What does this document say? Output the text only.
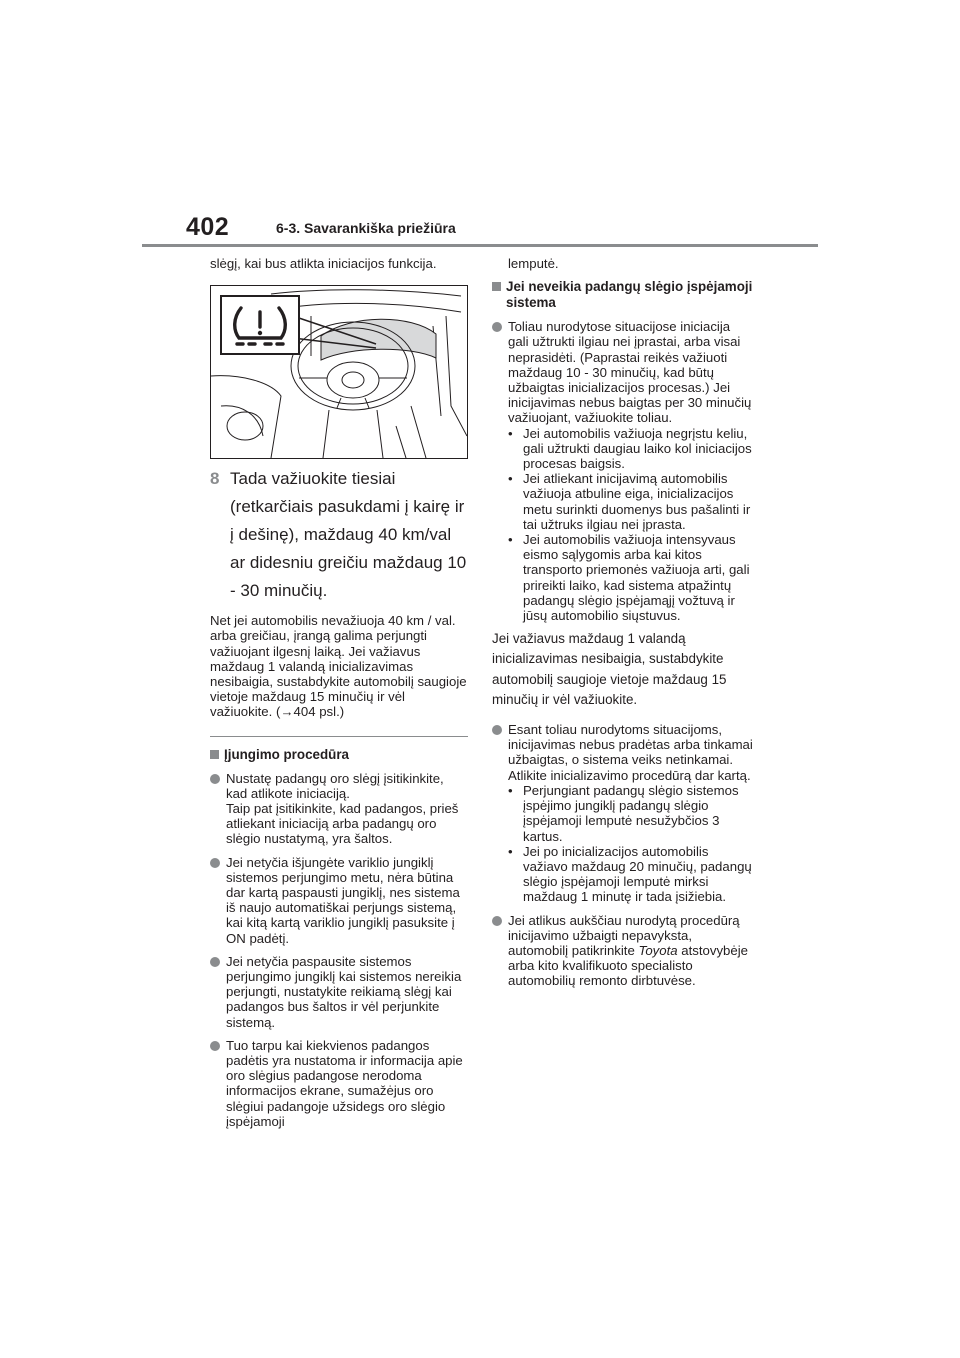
402	6-3. Savarankiška priežiūra

slėgį, kai bus atlikta iniciacijos funkcija.

8 Tada važiuokite tiesiai (retkarčiais pasukdami į kairę ir į dešinę), maždaug 40 km/val ar didesniu greičiu maždaug 10 - 30 minučių.

Net jei automobilis nevažiuoja 40 km / val. arba greičiau, įrangą galima perjungti važiuojant ilgesnį laiką. Jei važiavus maždaug 1 valandą inicializavimas nesibaigia, sustabdykite automobilį saugioje vietoje maždaug 15 minučių ir vėl važiuokite. (→404 psl.)

Įjungimo procedūra
Nustatę padangų oro slėgį įsitikinkite, kad atlikote iniciaciją.
Taip pat įsitikinkite, kad padangos, prieš atliekant iniciaciją arba padangų oro slėgio nustatymą, yra šaltos.
Jei netyčia išjungėte variklio jungiklį sistemos perjungimo metu, nėra būtina dar kartą paspausti jungiklį, nes sistema iš naujo automatiškai perjungs sistemą, kai kitą kartą variklio jungiklį pasuksite į ON padėtį.
Jei netyčia paspausite sistemos perjungimo jungiklį kai sistemos nereikia perjungti, nustatykite reikiamą slėgį kai padangos bus šaltos ir vėl perjunkite sistemą.
Tuo tarpu kai kiekvienos padangos padėtis yra nustatoma ir informacija apie oro slėgius padangose nerodoma informacijos ekrane, sumažėjus oro slėgiui padangoje užsidegs oro slėgio įspėjamoji

lemputė.

Jei neveikia padangų slėgio įspėjamoji sistema

Toliau nurodytose situacijose iniciacija gali užtrukti ilgiau nei įprastai, arba visai neprasidėti. (Paprastai reikės važiuoti maždaug 10 - 30 minučių, kad būtų užbaigtas inicializacijos procesas.) Jei inicijavimas nebus baigtas per 30 minučių važiuojant, važiuokite toliau.

• Jei automobilis važiuoja negrįstu keliu, gali užtrukti daugiau laiko kol iniciacijos procesas baigsis.
• Jei atliekant inicijavimą automobilis važiuoja atbuline eiga, inicializacijos metu surinkti duomenys bus pašalinti ir tai užtruks ilgiau nei įprasta.
• Jei automobilis važiuoja intensyvaus eismo sąlygomis arba kai kitos transporto priemonės važiuoja arti, gali prireikti laiko, kad sistema atpažintų padangų slėgio įspėjamąjį vožtuvą ir jūsų automobilio siųstuvus.

Jei važiavus maždaug 1 valandą inicializavimas nesibaigia, sustabdykite automobilį saugioje vietoje maždaug 15 minučių ir vėl važiuokite.

Esant toliau nurodytoms situacijoms, inicijavimas nebus pradėtas arba tinkamai užbaigtas, o sistema veiks netinkamai. Atlikite inicializavimo procedūrą dar kartą.

• Perjungiant padangų slėgio sistemos įspėjimo jungiklį padangų slėgio įspėjamoji lemputė nesužybčios 3 kartus.
• Jei po inicializacijos automobilis važiavo maždaug 20 minučių, padangų slėgio įspėjamoji lemputė mirksi maždaug 1 minutę ir tada įsižiebia.

Jei atlikus aukščiau nurodytą procedūrą inicijavimo užbaigti nepavyksta, automobilį patikrinkite Toyota atstovybėje arba kito kvalifikuoto specialisto automobilių remonto dirbtuvėse.
